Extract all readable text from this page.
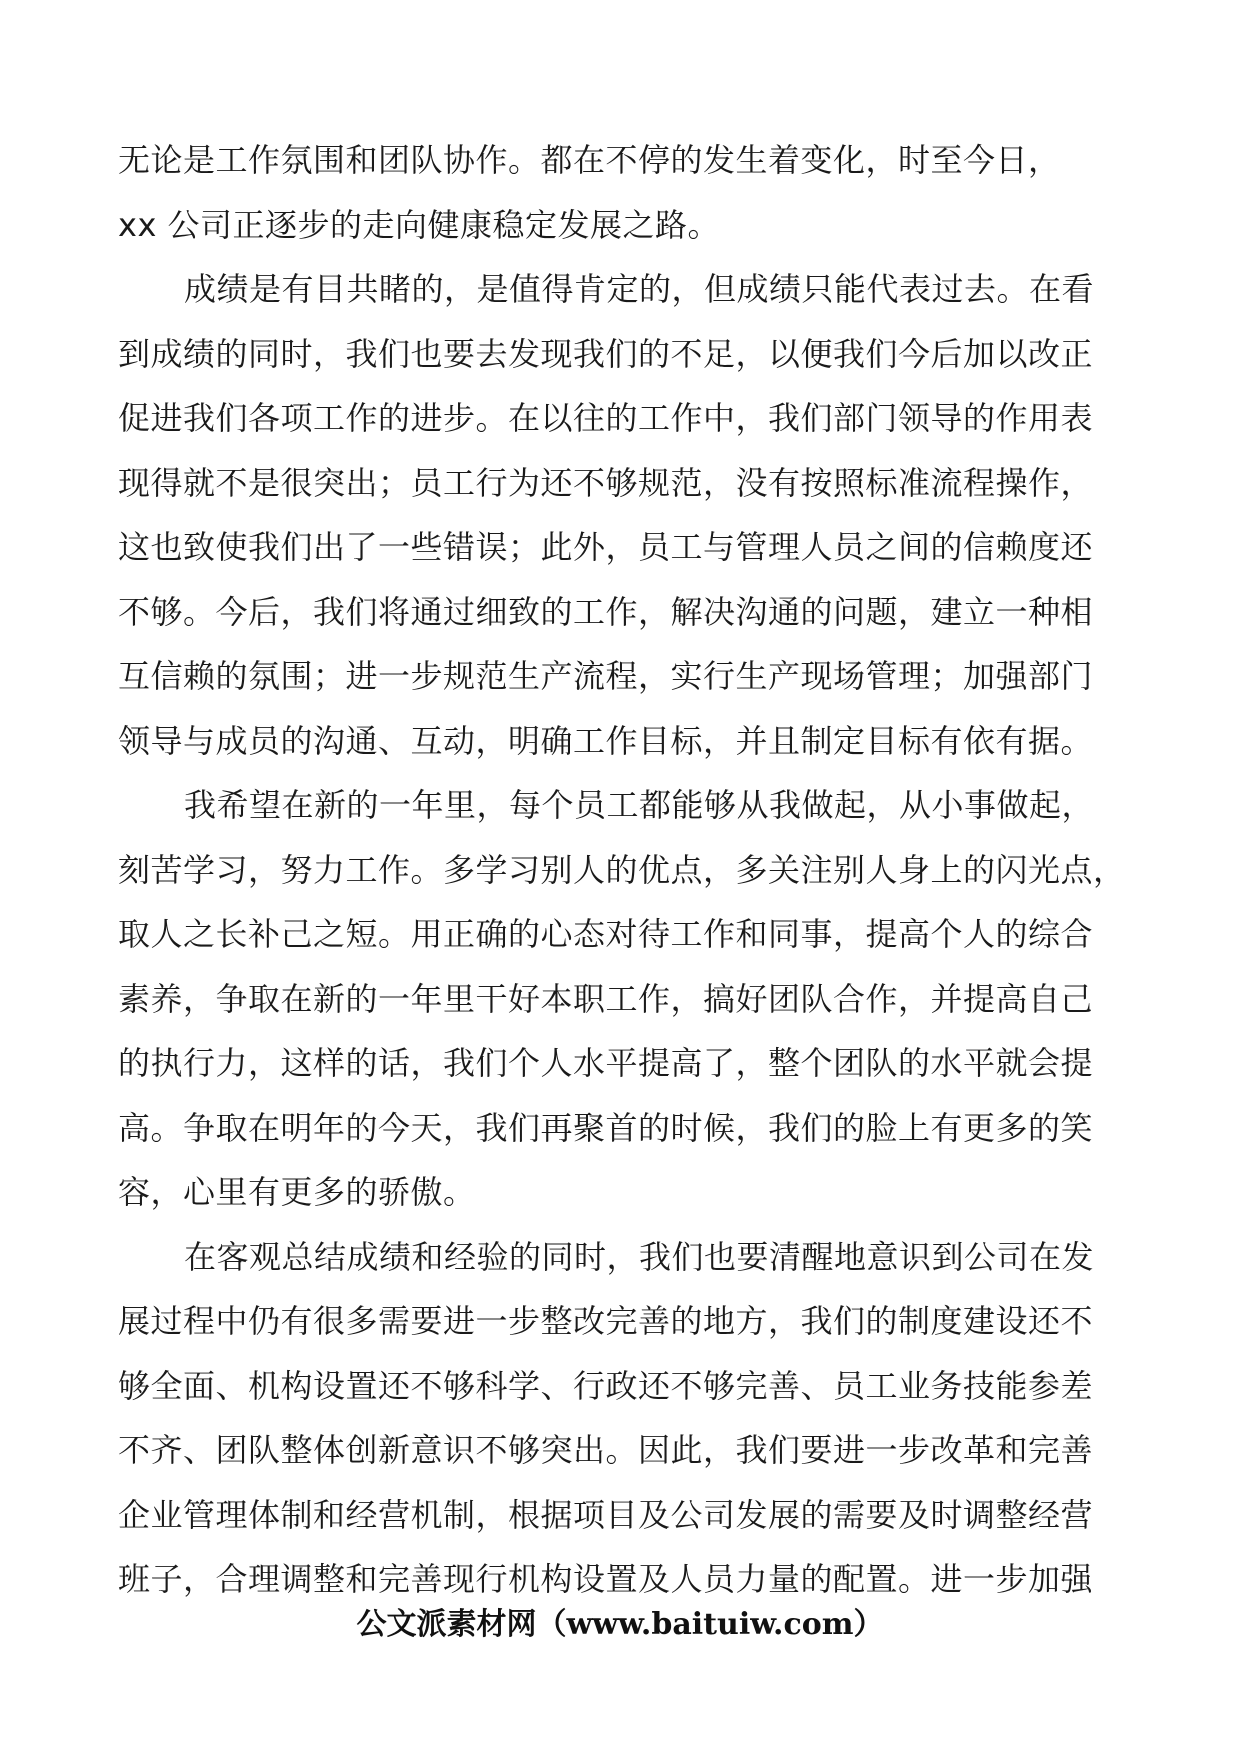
无论是工作氛围和团队协作。都在不停的发生着变化，时至今日，
xx 公司正逐步的走向健康稳定发展之路。
成绩是有目共睹的，是值得肯定的，但成绩只能代表过去。在看
到成绩的同时，我们也要去发现我们的不足，以便我们今后加以改正
促进我们各项工作的进步。在以往的工作中，我们部门领导的作用表
现得就不是很突出；员工行为还不够规范，没有按照标准流程操作，
这也致使我们出了一些错误；此外，员工与管理人员之间的信赖度还
不够。今后，我们将通过细致的工作，解决沟通的问题，建立一种相
互信赖的氛围；进一步规范生产流程，实行生产现场管理；加强部门
领导与成员的沟通、互动，明确工作目标，并且制定目标有依有据。
我希望在新的一年里，每个员工都能够从我做起，从小事做起，
刻苦学习，努力工作。多学习别人的优点，多关注别人身上的闪光点，
取人之长补己之短。用正确的心态对待工作和同事，提高个人的综合
素养，争取在新的一年里干好本职工作，搞好团队合作，并提高自己
的执行力，这样的话，我们个人水平提高了，整个团队的水平就会提
高。争取在明年的今天，我们再聚首的时候，我们的脸上有更多的笑
容，心里有更多的骄傲。
在客观总结成绩和经验的同时，我们也要清醒地意识到公司在发
展过程中仍有很多需要进一步整改完善的地方，我们的制度建设还不
够全面、机构设置还不够科学、行政还不够完善、员工业务技能参差
不齐、团队整体创新意识不够突出。因此，我们要进一步改革和完善
企业管理体制和经营机制，根据项目及公司发展的需要及时调整经营
班子，合理调整和完善现行机构设置及人员力量的配置。进一步加强
公文派素材网（www.baituiw.com）
